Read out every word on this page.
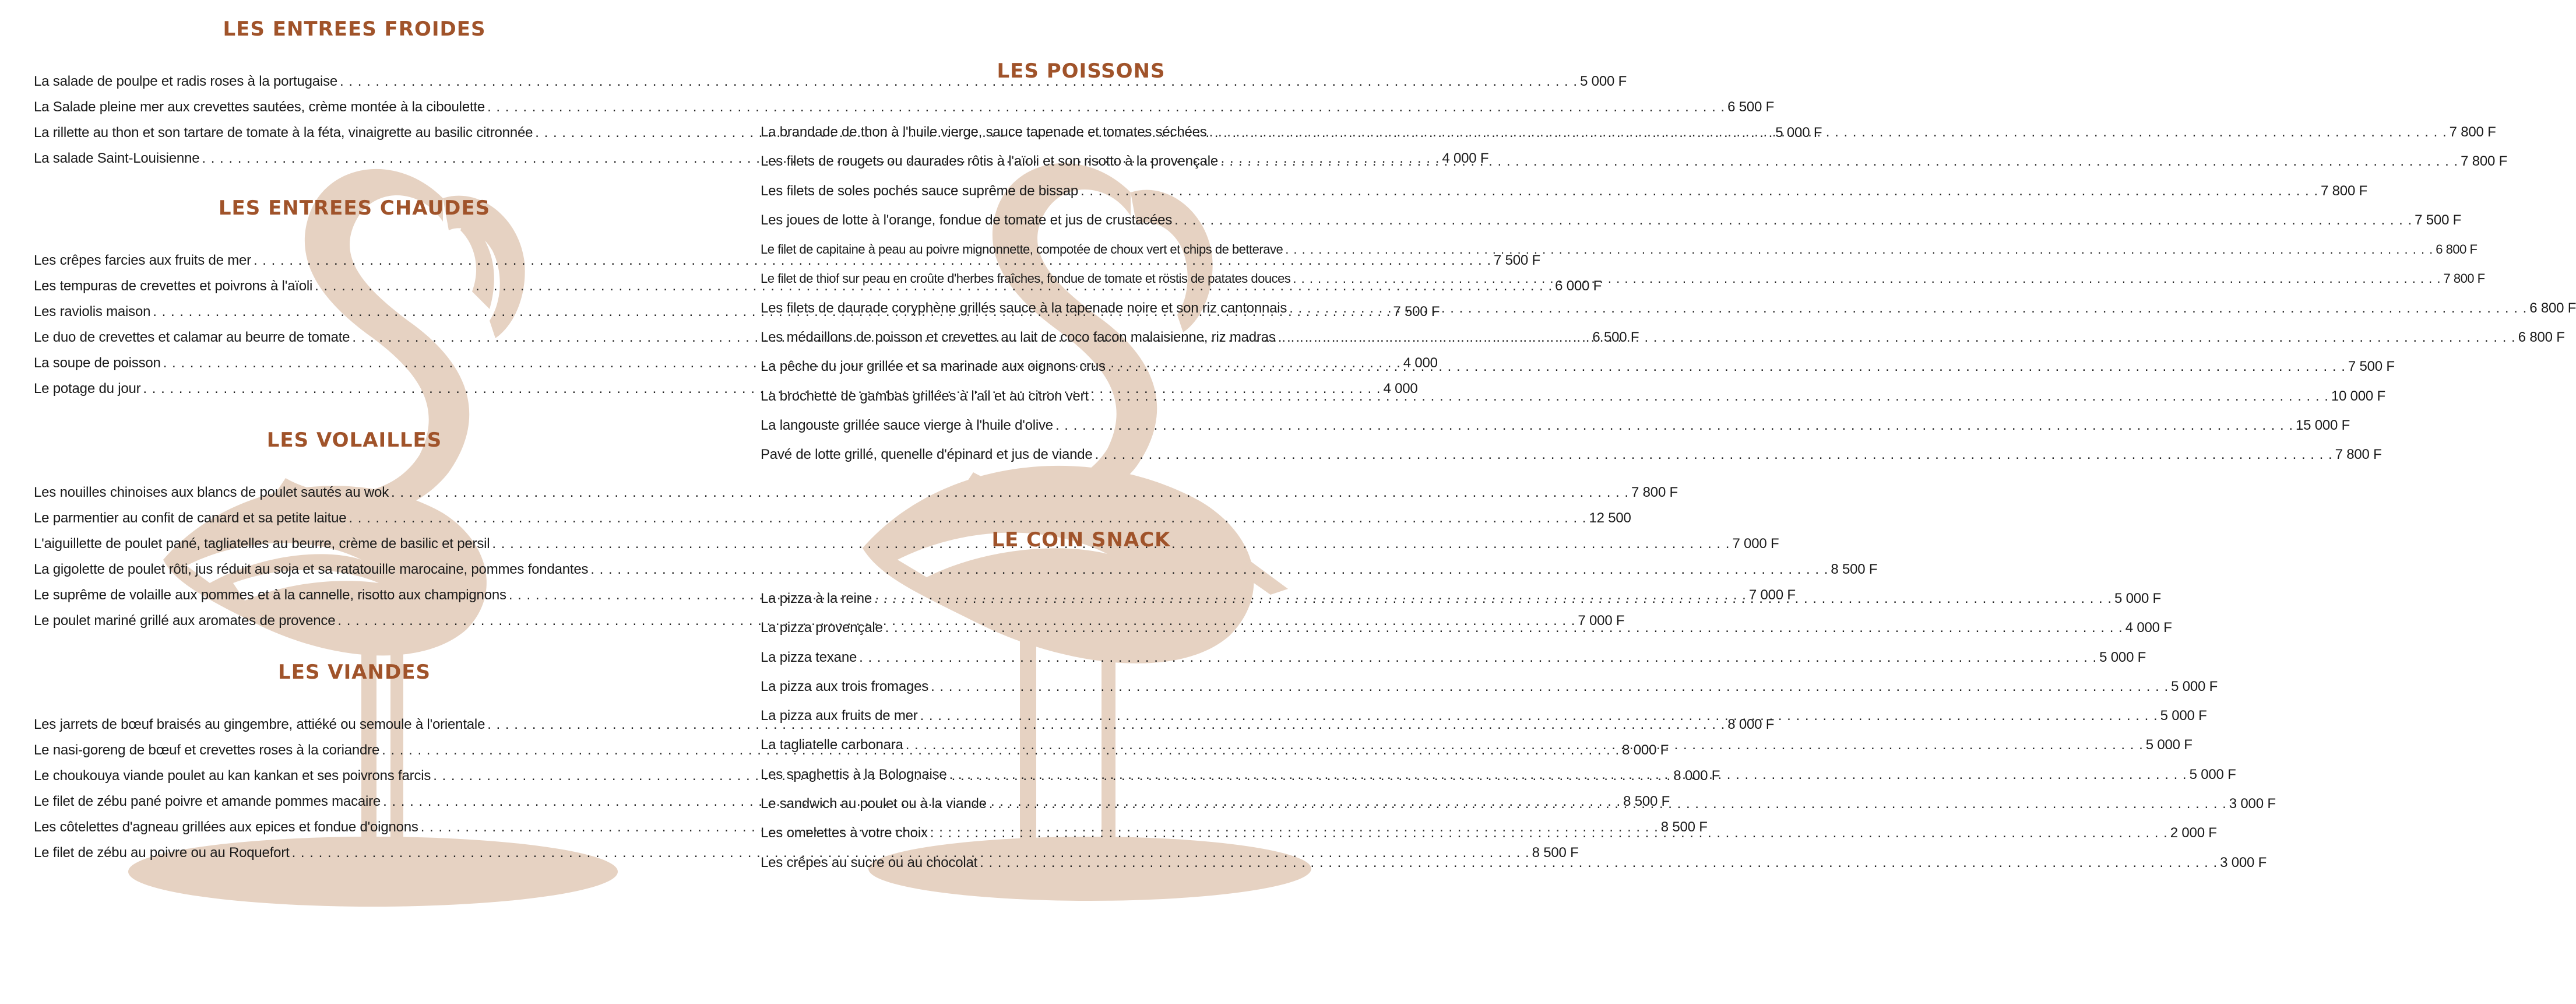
LES ENTREES FROIDES
La salade de poulpe et radis roses à la portugaise . . .	5 000 F
La Salade pleine mer aux crevettes sautées, crème montée à la ciboulette . . .	6 500 F
La rillette au thon et son tartare de tomate à la féta, vinaigrette au basilic citronnée . . .	5 000 F
La salade Saint-Louisienne . . .	4 000 F
LES ENTREES CHAUDES
Les crêpes farcies aux fruits de mer . . .	7 500 F
Les tempuras de crevettes et poivrons à l'aïoli . . .	6 000 F
Les raviolis maison . . .	7 500 F
Le duo de crevettes et calamar au beurre de tomate . . .	6 500 F
La soupe de poisson . . .	4 000
Le potage du jour . . .	4 000
LES VOLAILLES
Les nouilles chinoises aux blancs de poulet sautés au wok . . .	7 800 F
Le parmentier au confit de canard et sa petite laitue . . .	12 500
L'aiguillette de poulet pané, tagliatelles au beurre, crème de basilic et persil . . .	7 000 F
La gigolette de poulet rôti, jus réduit au soja et sa ratatouille marocaine, pommes fondantes . . .	8 500 F
Le suprême de volaille aux pommes et à la cannelle, risotto aux champignons . . .	7 000 F
Le poulet mariné grillé aux aromates de provence . . .	7 000 F
LES VIANDES
Les jarrets de bœuf braisés au gingembre, attiéké ou semoule à l'orientale . . .	8 000 F
Le nasi-goreng de bœuf et crevettes roses à la coriandre . . .	8 000 F
Le choukouya viande poulet au kan kankan et ses poivrons farcis . . .	8 000 F
Le filet de zébu pané poivre et amande pommes macaire . . .	8 500 F
Les côtelettes d'agneau grillées aux epices et fondue d'oignons . . .	8 500 F
Le filet de zébu au poivre ou au Roquefort . . .	8 500 F
LES POISSONS
La brandade de thon à l'huile vierge, sauce tapenade et tomates séchées . . .	7 800 F
Les filets de rougets ou daurades rôtis à l'aïoli et son risotto à la provençale . . .	7 800 F
Les filets de soles pochés sauce suprême de bissap . . .	7 800 F
Les joues de lotte à l'orange, fondue de tomate et jus de crustacées . . .	7 500 F
Le filet de capitaine à peau au poivre mignonnette, compotée de choux vert et chips de betterave . . .	6 800 F
Le filet de thiof sur peau en croûte d'herbes fraîches, fondue de tomate et röstis de patates douces . . .	7 800 F
Les filets de daurade coryphène grillés sauce à la tapenade noire et son riz cantonnais . . .	6 800 F
Les médaillons de poisson et crevettes au lait de coco facon malaisienne, riz madras . . .	6 800 F
La pêche du jour grillée et sa marinade aux oignons crus . . .	7 500 F
La brochette de gambas grillées à l'ail et au citron vert . . .	10 000 F
La langouste grillée sauce vierge à l'huile d'olive . . .	15 000 F
Pavé de lotte grillé, quenelle d'épinard et jus de viande . . .	7 800 F
LE COIN SNACK
La pizza à la reine . . .	5 000 F
La pizza provençale . . .	4 000 F
La pizza texane . . .	5 000 F
La pizza aux trois fromages . . .	5 000 F
La pizza aux fruits de mer . . .	5 000 F
La tagliatelle carbonara . . .	5 000 F
Les spaghettis à la Bolognaise . . .	5 000 F
Le sandwich au poulet ou à la viande . . .	3 000 F
Les omelettes à votre choix . . .	2 000 F
Les crêpes au sucre ou au chocolat . . .	3 000 F
